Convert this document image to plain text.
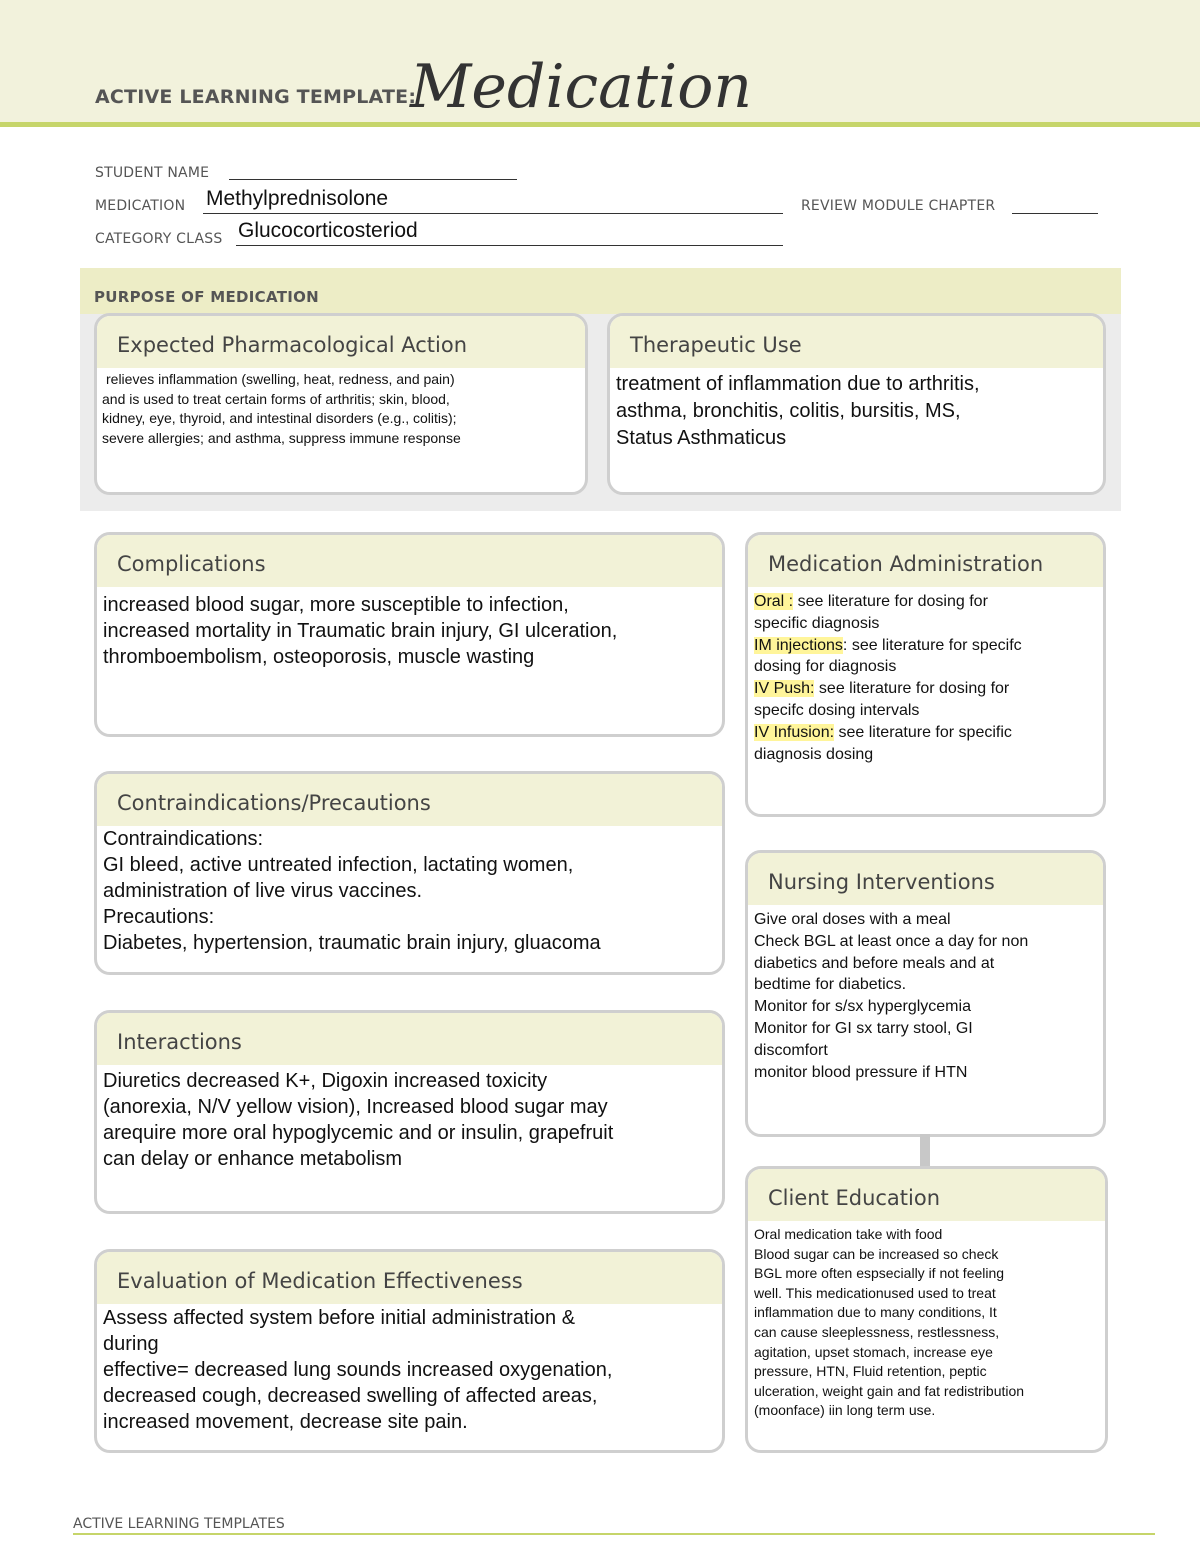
ACTIVE LEARNING TEMPLATE:
Medication
STUDENT NAME
MEDICATION Methylprednisolone	REVIEW MODULE CHAPTER
CATEGORY CLASS Glucocorticosteriod
PURPOSE OF MEDICATION
Expected Pharmacological Action
relieves inflammation (swelling, heat, redness, and pain)
and is used to treat certain forms of arthritis; skin, blood,
kidney, eye, thyroid, and intestinal disorders (e.g., colitis);
severe allergies; and asthma, suppress immune response
Therapeutic Use
treatment of inflammation due to arthritis,
asthma, bronchitis, colitis, bursitis, MS,
Status Asthmaticus
Complications
increased blood sugar, more susceptible to infection,
increased mortality in Traumatic brain injury, GI ulceration,
thromboembolism, osteoporosis, muscle wasting
Medication Administration
Oral : see literature for dosing for
specific diagnosis
IM injections: see literature for specifc
dosing for diagnosis
IV Push: see literature for dosing for
specifc dosing intervals
IV Infusion: see literature for specific
diagnosis dosing
Contraindications/Precautions
Contraindications:
GI bleed, active untreated infection, lactating women,
administration of live virus vaccines.
Precautions:
Diabetes, hypertension, traumatic brain injury, gluacoma
Nursing Interventions
Give oral doses with a meal
Check BGL at least once a day for non
diabetics and before meals and at
bedtime for diabetics.
Monitor for s/sx hyperglycemia
Monitor for GI sx tarry stool, GI
discomfort
monitor blood pressure if HTN
Interactions
Diuretics decreased K+, Digoxin increased toxicity
(anorexia, N/V yellow vision), Increased blood sugar may
arequire more oral hypoglycemic and or insulin, grapefruit
can delay or enhance metabolism
Client Education
Oral medication take with food
Blood sugar can be increased so check
BGL more often espsecially if not feeling
well. This medicationused used to treat
inflammation due to many conditions, It
can cause sleeplessness, restlessness,
agitation, upset stomach, increase eye
pressure, HTN, Fluid retention, peptic
ulceration, weight gain and fat redistribution
(moonface) iin long term use.
Evaluation of Medication Effectiveness
Assess affected system before initial administration &
during
effective= decreased lung sounds increased oxygenation,
decreased cough, decreased swelling of affected areas,
increased movement, decrease site pain.
ACTIVE LEARNING TEMPLATES
